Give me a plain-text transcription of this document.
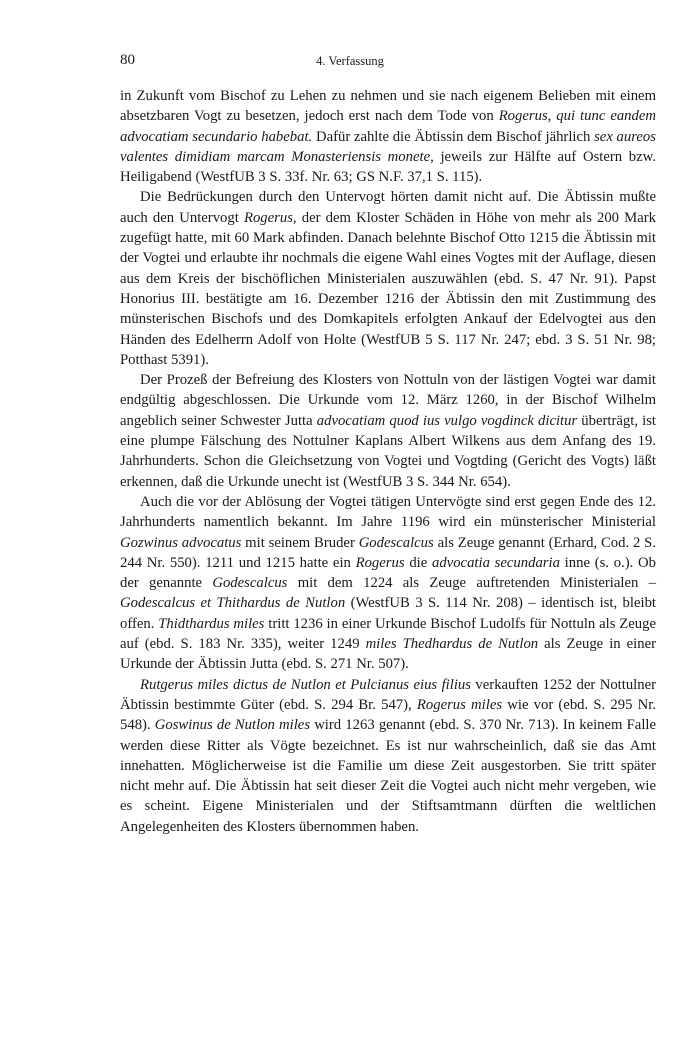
80	4. Verfassung

in Zukunft vom Bischof zu Lehen zu nehmen und sie nach eigenem Belieben mit einem absetzbaren Vogt zu besetzen, jedoch erst nach dem Tode von Rogerus, qui tunc eandem advocatiam secundario habebat. Dafür zahlte die Äbtissin dem Bischof jährlich sex aureos valentes dimidiam marcam Monasteriensis monete, jeweils zur Hälfte auf Ostern bzw. Heiligabend (WestfUB 3 S. 33f. Nr. 63; GS N.F. 37,1 S. 115).

Die Bedrückungen durch den Untervogt hörten damit nicht auf. Die Äbtissin mußte auch den Untervogt Rogerus, der dem Kloster Schäden in Höhe von mehr als 200 Mark zugefügt hatte, mit 60 Mark abfinden. Danach belehnte Bischof Otto 1215 die Äbtissin mit der Vogtei und erlaubte ihr nochmals die eigene Wahl eines Vogtes mit der Auflage, diesen aus dem Kreis der bischöflichen Ministerialen auszuwählen (ebd. S. 47 Nr. 91). Papst Honorius III. bestätigte am 16. Dezember 1216 der Äbtissin den mit Zustimmung des münsterischen Bischofs und des Domkapitels erfolgten Ankauf der Edelvogtei aus den Händen des Edelherrn Adolf von Holte (WestfUB 5 S. 117 Nr. 247; ebd. 3 S. 51 Nr. 98; Potthast 5391).

Der Prozeß der Befreiung des Klosters von Nottuln von der lästigen Vogtei war damit endgültig abgeschlossen. Die Urkunde vom 12. März 1260, in der Bischof Wilhelm angeblich seiner Schwester Jutta advocatiam quod ius vulgo vogdinck dicitur überträgt, ist eine plumpe Fälschung des Nottulner Kaplans Albert Wilkens aus dem Anfang des 19. Jahrhunderts. Schon die Gleichsetzung von Vogtei und Vogtding (Gericht des Vogts) läßt erkennen, daß die Urkunde unecht ist (WestfUB 3 S. 344 Nr. 654).

Auch die vor der Ablösung der Vogtei tätigen Untervögte sind erst gegen Ende des 12. Jahrhunderts namentlich bekannt. Im Jahre 1196 wird ein münsterischer Ministerial Gozwinus advocatus mit seinem Bruder Godescalcus als Zeuge genannt (Erhard, Cod. 2 S. 244 Nr. 550). 1211 und 1215 hatte ein Rogerus die advocatia secundaria inne (s. o.). Ob der genannte Godescalcus mit dem 1224 als Zeuge auftretenden Ministerialen – Godescalcus et Thithardus de Nutlon (WestfUB 3 S. 114 Nr. 208) – identisch ist, bleibt offen. Thidthardus miles tritt 1236 in einer Urkunde Bischof Ludolfs für Nottuln als Zeuge auf (ebd. S. 183 Nr. 335), weiter 1249 miles Thedhardus de Nutlon als Zeuge in einer Urkunde der Äbtissin Jutta (ebd. S. 271 Nr. 507).

Rutgerus miles dictus de Nutlon et Pulcianus eius filius verkauften 1252 der Nottulner Äbtissin bestimmte Güter (ebd. S. 294 Br. 547), Rogerus miles wie vor (ebd. S. 295 Nr. 548). Goswinus de Nutlon miles wird 1263 genannt (ebd. S. 370 Nr. 713). In keinem Falle werden diese Ritter als Vögte bezeichnet. Es ist nur wahrscheinlich, daß sie das Amt innehatten. Möglicherweise ist die Familie um diese Zeit ausgestorben. Sie tritt später nicht mehr auf. Die Äbtissin hat seit dieser Zeit die Vogtei auch nicht mehr vergeben, wie es scheint. Eigene Ministerialen und der Stiftsamtmann dürften die weltlichen Angelegenheiten des Klosters übernommen haben.
